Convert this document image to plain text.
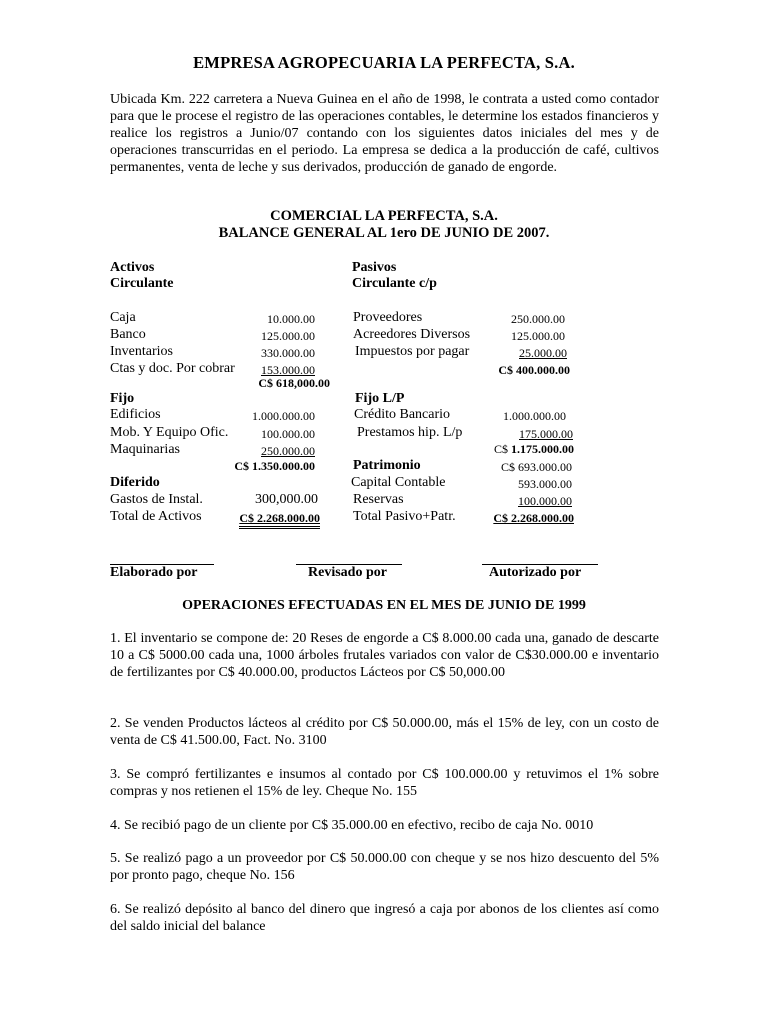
EMPRESA AGROPECUARIA LA PERFECTA, S.A.
Ubicada Km. 222 carretera a Nueva Guinea en el año de 1998, le contrata a usted como contador para que le procese el registro de las operaciones contables, le determine los estados financieros y realice los registros a Junio/07 contando con los siguientes datos iniciales del mes y de operaciones transcurridas en el periodo. La empresa se dedica a la producción de café, cultivos permanentes, venta de leche y sus derivados, producción de ganado de engorde.
COMERCIAL LA PERFECTA, S.A.
BALANCE GENERAL AL 1ero DE JUNIO DE 2007.
Activos
Circulante
Caja	10.000.00
Banco	125.000.00
Inventarios	330.000.00
Ctas y doc. Por cobrar	153.000.00
C$ 618,000.00
Fijo
Edificios	1.000.000.00
Mob. Y Equipo Ofic.	100.000.00
Maquinarias	250.000.00
C$ 1.350.000.00
Diferido
Gastos de Instal.	300,000.00
Total de Activos	C$ 2.268.000.00
Pasivos
Circulante c/p
Proveedores	250.000.00
Acreedores Diversos	125.000.00
Impuestos por pagar	25.000.00
C$ 400.000.00
Fijo L/P
Crédito Bancario	1.000.000.00
Prestamos hip. L/p	175.000.00
C$ 1.175.000.00
Patrimonio	C$ 693.000.00
Capital Contable	593.000.00
Reservas	100.000.00
Total Pasivo+Patr.	C$ 2.268.000.00
Elaborado por	Revisado por	Autorizado por
OPERACIONES EFECTUADAS EN EL MES DE JUNIO DE 1999
1. El inventario se compone de: 20 Reses de engorde a C$ 8.000.00 cada una, ganado de descarte 10 a C$ 5000.00 cada una, 1000 árboles frutales variados con valor de C$30.000.00 e inventario de fertilizantes por C$ 40.000.00, productos Lácteos por C$ 50,000.00
2. Se venden Productos lácteos al crédito por C$ 50.000.00, más el 15% de ley, con un costo de venta de C$ 41.500.00, Fact. No. 3100
3. Se compró fertilizantes e insumos al contado por C$ 100.000.00 y retuvimos el 1% sobre compras y nos retienen el 15% de ley. Cheque No. 155
4. Se recibió pago de un cliente por C$ 35.000.00 en efectivo, recibo de caja No. 0010
5. Se realizó pago a un proveedor por C$ 50.000.00 con cheque y se nos hizo descuento del 5% por pronto pago, cheque No. 156
6. Se realizó depósito al banco del dinero que ingresó a caja por abonos de los clientes así como del saldo inicial del balance
